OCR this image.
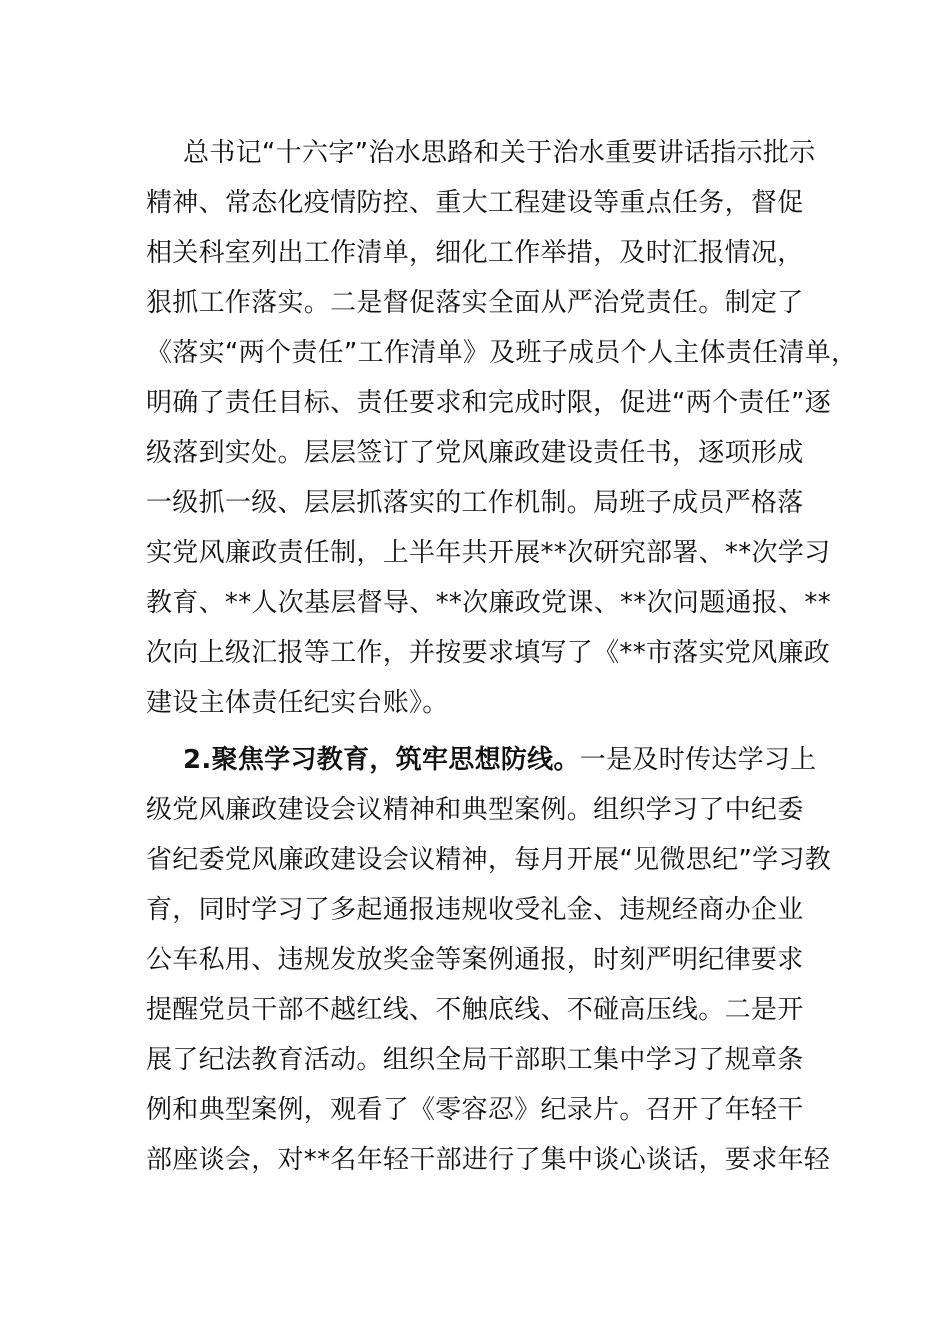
总书记“十六字”治水思路和关于治水重要讲话指示批示
精神、常态化疫情防控、重大工程建设等重点任务，督促
相关科室列出工作清单，细化工作举措，及时汇报情况，
狠抓工作落实。二是督促落实全面从严治党责任。制定了
《落实“两个责任”工作清单》及班子成员个人主体责任清单，
明确了责任目标、责任要求和完成时限，促进“两个责任”逐
级落到实处。层层签订了党风廉政建设责任书，逐项形成
一级抓一级、层层抓落实的工作机制。局班子成员严格落
实党风廉政责任制，上半年共开展**次研究部署、**次学习
教育、**人次基层督导、**次廉政党课、**次问题通报、**
次向上级汇报等工作，并按要求填写了《**市落实党风廉政
建设主体责任纪实台账》。
2.聚焦学习教育，筑牢思想防线。一是及时传达学习上
级党风廉政建设会议精神和典型案例。组织学习了中纪委
省纪委党风廉政建设会议精神，每月开展“见微思纪”学习教
育，同时学习了多起通报违规收受礼金、违规经商办企业
公车私用、违规发放奖金等案例通报，时刻严明纪律要求
提醒党员干部不越红线、不触底线、不碰高压线。二是开
展了纪法教育活动。组织全局干部职工集中学习了规章条
例和典型案例，观看了《零容忍》纪录片。召开了年轻干
部座谈会，对**名年轻干部进行了集中谈心谈话，要求年轻
